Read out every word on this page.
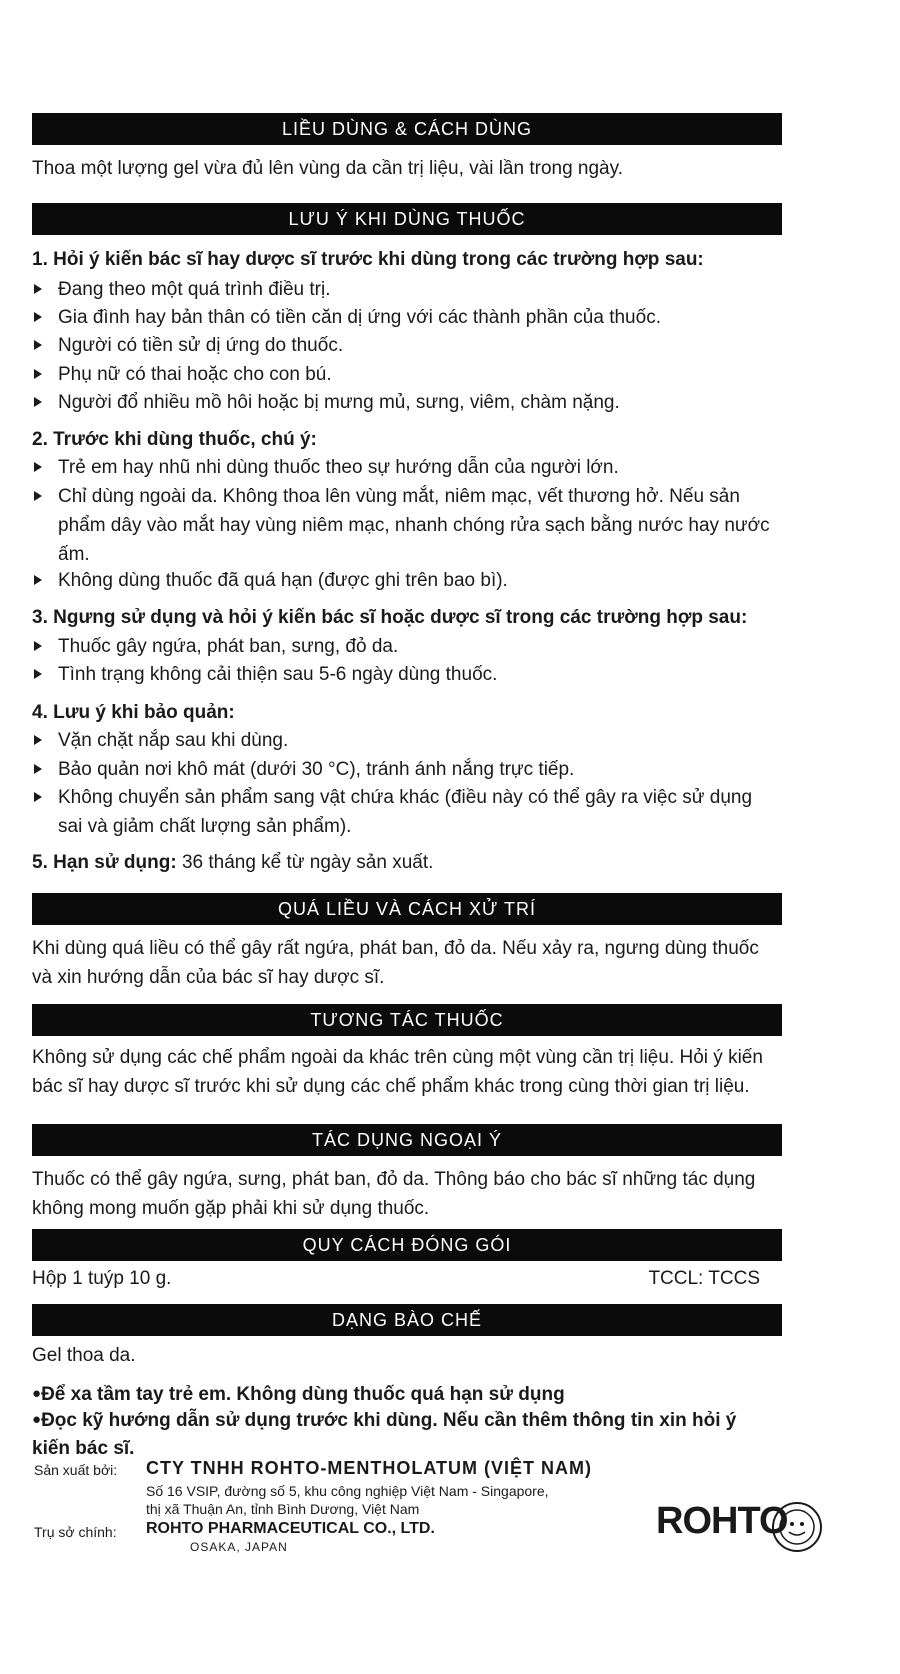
LIỀU DÙNG & CÁCH DÙNG
Thoa một lượng gel vừa đủ lên vùng da cần trị liệu, vài lần trong ngày.
LƯU Ý KHI DÙNG THUỐC
1. Hỏi ý kiến bác sĩ hay dược sĩ trước khi dùng trong các trường hợp sau:
Đang theo một quá trình điều trị.
Gia đình hay bản thân có tiền căn dị ứng với các thành phần của thuốc.
Người có tiền sử dị ứng do thuốc.
Phụ nữ có thai hoặc cho con bú.
Người đổ nhiều mồ hôi hoặc bị mưng mủ, sưng, viêm, chàm nặng.
2. Trước khi dùng thuốc, chú ý:
Trẻ em hay nhũ nhi dùng thuốc theo sự hướng dẫn của người lớn.
Chỉ dùng ngoài da. Không thoa lên vùng mắt, niêm mạc, vết thương hở. Nếu sản phẩm dây vào mắt hay vùng niêm mạc, nhanh chóng rửa sạch bằng nước hay nước ấm.
Không dùng thuốc đã quá hạn (được ghi trên bao bì).
3. Ngưng sử dụng và hỏi ý kiến bác sĩ hoặc dược sĩ trong các trường hợp sau:
Thuốc gây ngứa, phát ban, sưng, đỏ da.
Tình trạng không cải thiện sau 5-6 ngày dùng thuốc.
4. Lưu ý khi bảo quản:
Vặn chặt nắp sau khi dùng.
Bảo quản nơi khô mát (dưới 30 °C), tránh ánh nắng trực tiếp.
Không chuyển sản phẩm sang vật chứa khác (điều này có thể gây ra việc sử dụng sai và giảm chất lượng sản phẩm).
5. Hạn sử dụng: 36 tháng kể từ ngày sản xuất.
QUÁ LIỀU VÀ CÁCH XỬ TRÍ
Khi dùng quá liều có thể gây rất ngứa, phát ban, đỏ da. Nếu xảy ra, ngưng dùng thuốc và xin hướng dẫn của bác sĩ hay dược sĩ.
TƯƠNG TÁC THUỐC
Không sử dụng các chế phẩm ngoài da khác trên cùng một vùng cần trị liệu. Hỏi ý kiến bác sĩ hay dược sĩ trước khi sử dụng các chế phẩm khác trong cùng thời gian trị liệu.
TÁC DỤNG NGOẠI Ý
Thuốc có thể gây ngứa, sưng, phát ban, đỏ da. Thông báo cho bác sĩ những tác dụng không mong muốn gặp phải khi sử dụng thuốc.
QUY CÁCH ĐÓNG GÓI
Hộp 1 tuýp 10 g.	TCCL: TCCS
DẠNG BÀO CHẾ
Gel thoa da.
●Để xa tầm tay trẻ em. Không dùng thuốc quá hạn sử dụng
●Đọc kỹ hướng dẫn sử dụng trước khi dùng. Nếu cần thêm thông tin xin hỏi ý kiến bác sĩ.
Sản xuất bởi: CTY TNHH ROHTO-MENTHOLATUM (VIỆT NAM)
Số 16 VSIP, đường số 5, khu công nghiệp Việt Nam - Singapore,
thị xã Thuận An, tỉnh Bình Dương, Việt Nam
Trụ sở chính: ROHTO PHARMACEUTICAL CO., LTD.
OSAKA, JAPAN
ROHTO
